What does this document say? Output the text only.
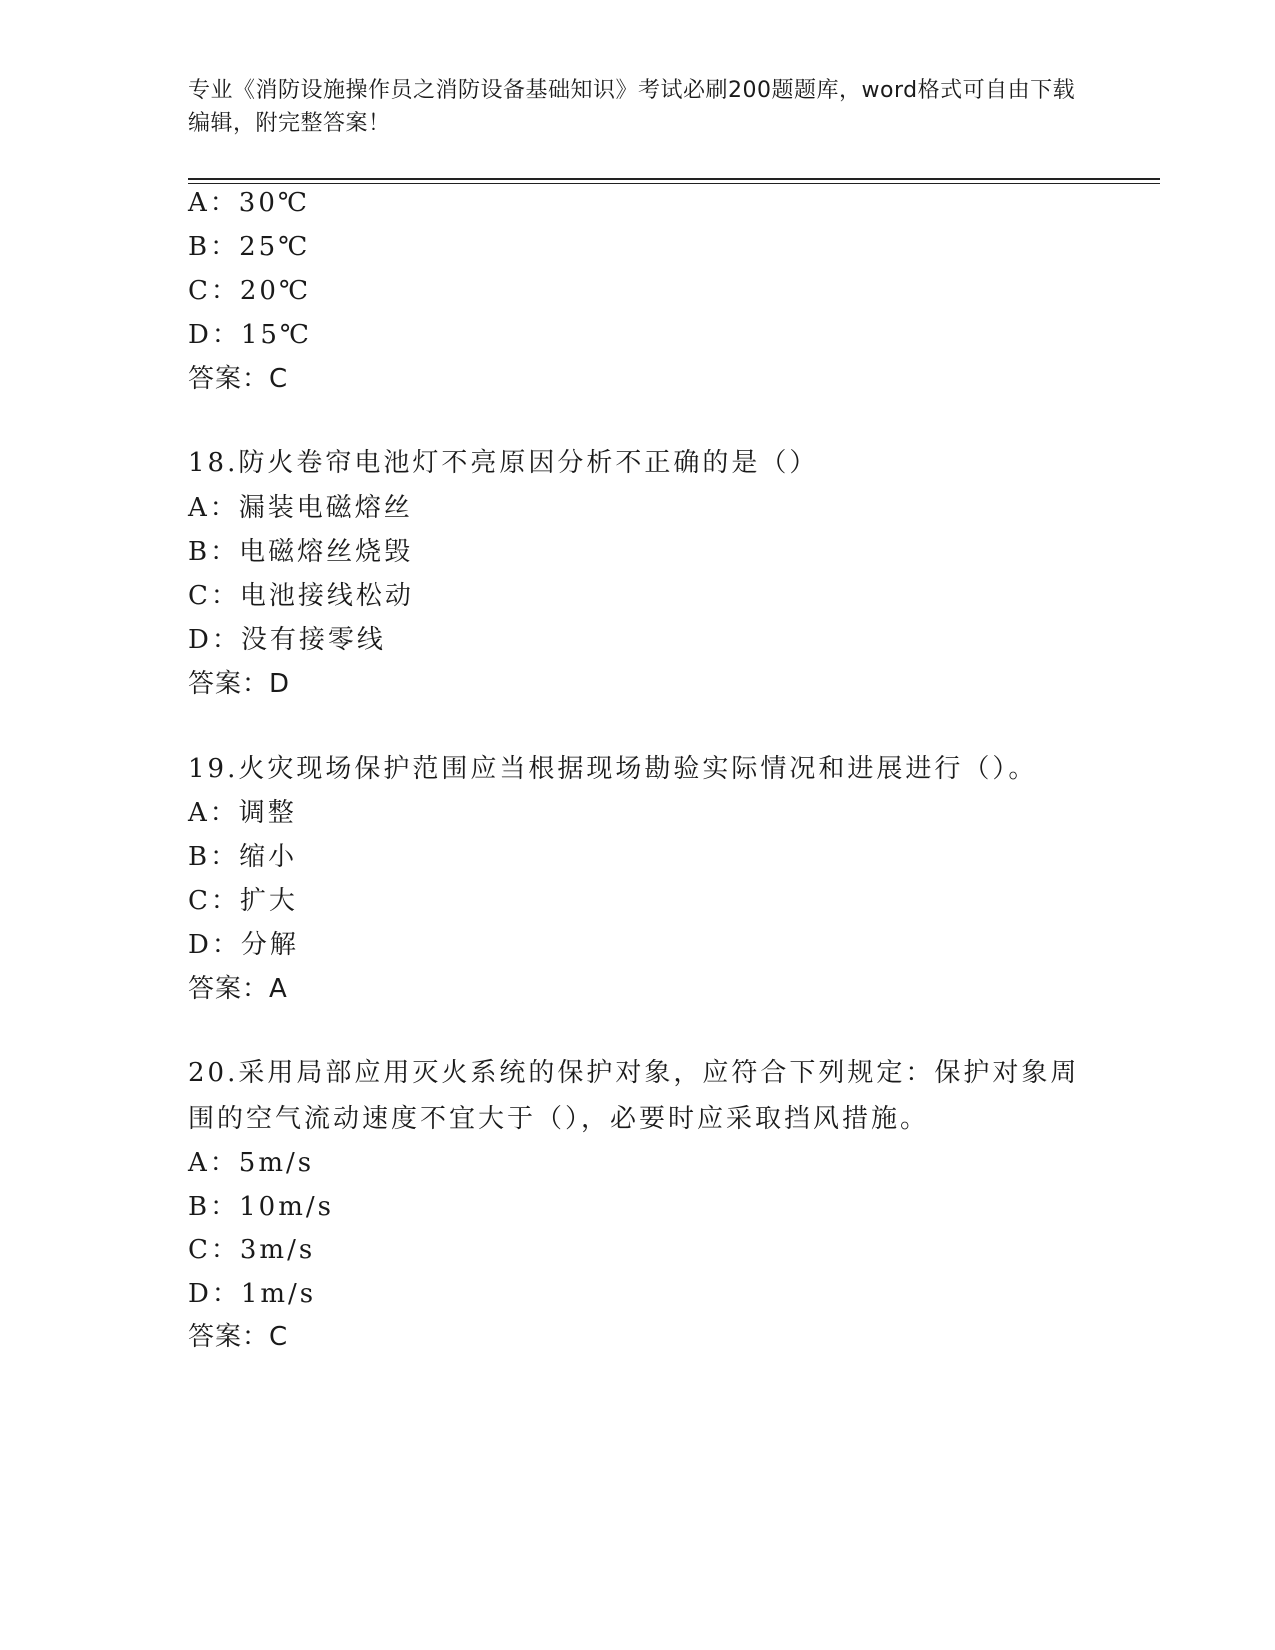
专业《消防设施操作员之消防设备基础知识》考试必刷200题题库，word格式可自由下载编辑，附完整答案！
A：30℃
B：25℃
C：20℃
D：15℃
答案：C
18.防火卷帘电池灯不亮原因分析不正确的是（）
A：漏装电磁熔丝
B：电磁熔丝烧毁
C：电池接线松动
D：没有接零线
答案：D
19.火灾现场保护范围应当根据现场勘验实际情况和进展进行（）。
A：调整
B：缩小
C：扩大
D：分解
答案：A
20.采用局部应用灭火系统的保护对象，应符合下列规定：保护对象周围的空气流动速度不宜大于（），必要时应采取挡风措施。
A：5m/s
B：10m/s
C：3m/s
D：1m/s
答案：C
